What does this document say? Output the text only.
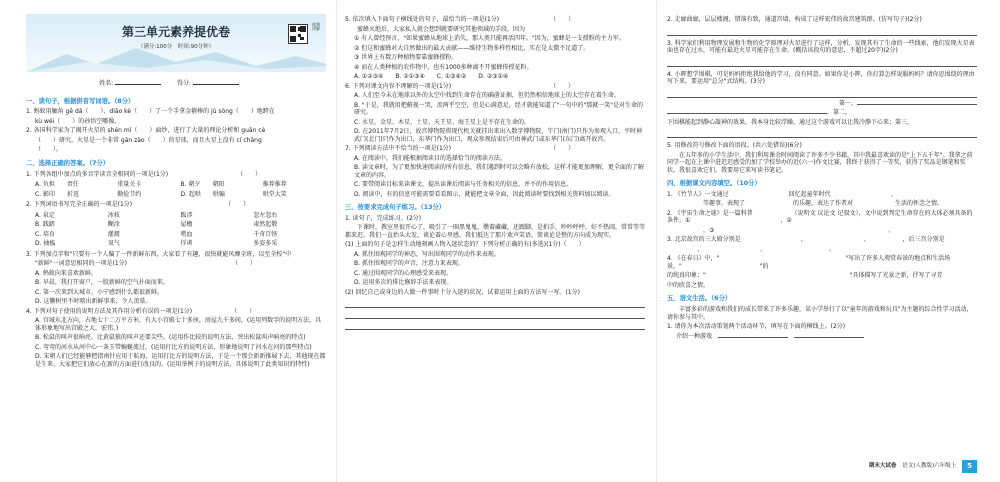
第三单元素养提优卷
（满分:100分　时间:90分钟）
视频讲解
姓名:	得分:
一、读句子，根据拼音写词语。（8分）

1. 蚂蚁用触角 gē dá（　　）、diāo kè（　　）了一个手拿金箍棒的 jù sòng（　　）地跨在

kù wéi（　　）的孙悟空哪像。

2. 各国科学家为了揭开火星的 shén mì（　　）面纱，进行了大量的理论分析和 guān cè

（　　）研究。火星是一个非常 gān zào（　　）的星球，而且火星上没有 cí chǎng

（　　）。

二、选择正确的答案。（7分）

1. 下列各组中加点的多音字读音全相同的一项是(1分)　　　　　　　　　　　　（　　）

A. 负担　　责任	重量关卡	B. 朝夕　　朝阳	推荐推荐
C. 影印　　折返	勤俭节约	D. 起哄　　哄骗	哄堂大笑

2. 下列词语书写完全正确的一项是(1分)　　　　　　　　　　　　　　　　（　　）

A. 泉定	冰枝	跋涉	忽左忽右
B. 践踏	糊涂	屋檐	肃然起敬
C. 培育	灌溉	嗜血	千奇百怪
D. 抽搐	氧气	俘虏	多姿多采

3. 下列加点字和"只要有一个人偏了一件新鲜东西，大家看了有趣，很快就能风靡全班，以至全校"中

"新鲜"一词意思相同的一项是(1分)　　　　　　　　　　　　　　　　　　（　　）

A. 蚂蚁向来喜欢新鲜。

B. 早晨，我打开窗户，一股新鲜的空气扑面而来。

C. 第一次来到大城市，小宁感到什么都很新鲜。

D. 这懒树里不时喷出新鲜事来，令人羡慕。

4. 下列对句子使用的说明方法及其作用分析有误的一项是(1分)　　　　　　　（　　）

A. 宫城东北方向，占地七十二万平方米，有大小宫殿七十多座，房屋九千多间。(运用列数字的说明方法，具体形象地写出宫殿之大，宏伟。)

B. 松鼠的叫声很响亮，比黄鼠狼的叫声还要尖些。(运用作比较的说明方法，突出松鼠叫声响亮的特点)

C. 弯弯的河水从河中心一条玉带蜿蜒流过。(运用打比方的说明方法，形象地说明了河水在河的那些特点)

D. 宋朝人们已经能够把指南针应用于航海，运用打比方的说明方法，于是一个那会新新推展下去，其他现在都是生来、大家把它们放心在新的方面进行改良的。(运用举例子的说明方法，具体说明了此类知识的特性)

5. 依次填入下面句子横线处的句子，最恰当的一项是(1分)　　　　　　　　　（　　）

蜜蜂灭绝后，大家私人就会想到就要研究其他领域的手段，因为　　　　　　　　　

① 有人曾经预言，"如果蜜蜂从地球上消失，那人类只能再活四年。"因为，蜜蜂是一支授粉的主力军。

② 但这和蜜蜂对大自然做出的最大贡献——维持生物多样性相比，实在是太微不足道了。

③ 世界上有数万种植物要靠蜜蜂授粉。

④ 而在人类种植的农作物中，也有1000多种离不开蜜蜂传授花粉。

A. ①②③④　　B. ②①③④　　C. ①③④②　　D. ②③①④

6. 下列对课文内容不理解的一项是(1分)　　　　　　　　　　　　　　　　　（　　）

A. 人们至今未在地球以外的太空中找到生命存在的确凿证据，但仍然相信地球上的太空存在着生命。

B. "于是，我就用把俯视一哭，羡两乎空空，但是心满意足，经才就能知道了"一句中的"那就一笑"是对生命的研究。

C. 水星、金星、木星、土星、天王星、海王星上是不存在生命的。

D. 在2011年7月2日，故宫博物院将现代机关就挂出来出入数字博物院，午门(南门)只作为参观入口，平时神武门(北门)只作为出口，东华门作为出口，观众参观结束后可由神武门或东华门(东门)离开故宫。

7. 下列阅读方法中不恰当的一项是(1分)　　　　　　　　　　　　　　　　　（　　）

A. 在阅读中，我们能根据阅读目的选择恰当的阅读方法。

B. 读文章时，为了更加快速阅读的所有信息，我们遇到时可以会略有放松，这样才能更加理解，更全面的了解文章的内容。

C. 要带阅读目标来读课文，提出读课后阅读与任务相关的信息，并不的作用信息。

D. 阅读中，有的信息可能需要看看图示，就能把文章全面，因此阅读时要找到相关资料加以阅读。

三、按要求完成句子练习。（13分）

1. 读句子，完成练习。(2分)

下课时，教室里很开心了，吸引了一圈黑鬼鬼，攒着藏藏，还跟脚，是拍手，吵吵呼呼，好不热闹，常常等等都来迟。我们一直抬头大发，谈论着心里感，我们抵达了那片欢声笑语，简谈论是整的方向成为现实。

(1) 上面的句子是怎样生动地刻画人物入迷状态的？下列分析正确的有(多选)(1分)（　　）

A. 抓住围观同学的神态，写出围观同学的动作来表现。

B. 抓住围观同学的声音，注意力来表现。

C. 通过围观同学的心理感受来表现。

D. 运用多次的排比修辞手法来表现。

(2) 回忆自己或身边的人做一件事时十分入迷的状况，试着运用上面的方法写一写。(1分)

2. 走廊曲廊，层层楼阁，错落有致，通道宫墙，构成了这样宏伟的故宫建筑群。(仿写句子)(2分)

3. 科学家们利用物理发展和生物的化学原理对火星进行了这样，分析，发现其有了生命的一些线索，他们发现火星表面也存在过水，可能有最近火星可能存在生命。(概括该段句的意思，不超过20字)(2分)

4. 小晖想学围棋，可是妈妈拒绝我给他的学习，没有同意。如果你是小晖，你打算怎样说服妈妈？请你思围绕的理由写下来。要运用"总分"式结构。(3分)

第一，

，第二，

下围棋能起到静心凝神的效果，我本身比较浮躁，通过这个游戏可以让我冷静下心来；第三，

5. 用修改符号修改下面的语段。(共六处错误)(6分)

在五年多的小学生活中，我们利用课余时间阅读了许多不少书籍，其中我最喜欢读的是"上下五千年"。我拿之前同学一起在上课中进迟迟感受的加了学校举办的近(六一)作文比赛，我终于获得了一等奖，获得了奖品是钢笔和奖状。我很喜欢它们，我要用它来写读书笔记。

四、根据课文内容填空。（10分）

1. 《竹节人》一文通过　　　　　　　　　　回忆起童年时代　　　　　　　　　　、　　　　　　　　　　

　　　　　　等趣事，表现了　　　　　　　　的乐趣，表达了作者对　　　　　　　生活的怀念之情。

2. 《宇宙生命之谜》是一篇科普　　　　　　　（说明文 议论文 记叙文），文中说到判定生命存在的大体必须具备的条件，①　　　　　　　　　　　　　　　，②

　　　　　　，③　　　　　　　　　　　　　　　　　　　　　　　　　　　　　。

3. 北京故宫的三大殿分别是　　　　　　　　　　、　　　　　　　　　　、　　　　　　，后三宫分别是

　　　　　、　　　　　　　　　　、　　　　　　　　　　　。

4. 《在春日》中，"　　　　　　　　　　　　　　　　　　　　　"写出了许多人观赏春景的地点和生活场景，"　　　　　　　　　　　　　"的

的纯真印象；"　　　　　　　　　　　　　　　　　　　　　　　　"具体描写了光景之新，抒写了寻芳

中的欣喜之情。

五、语文生活。（6分）

丰富多彩的游戏和我们的成长带来了许多乐趣，某小学举行了以"童年的游戏和玩具"为主题的综合性学习活动，请你参与其中。

1. 请你为本次活动策划两个活动环节，填写在下面的横线上。(2分)

介绍一种游戏　　

期末大试卷 语文(人教版)六年级上	5
